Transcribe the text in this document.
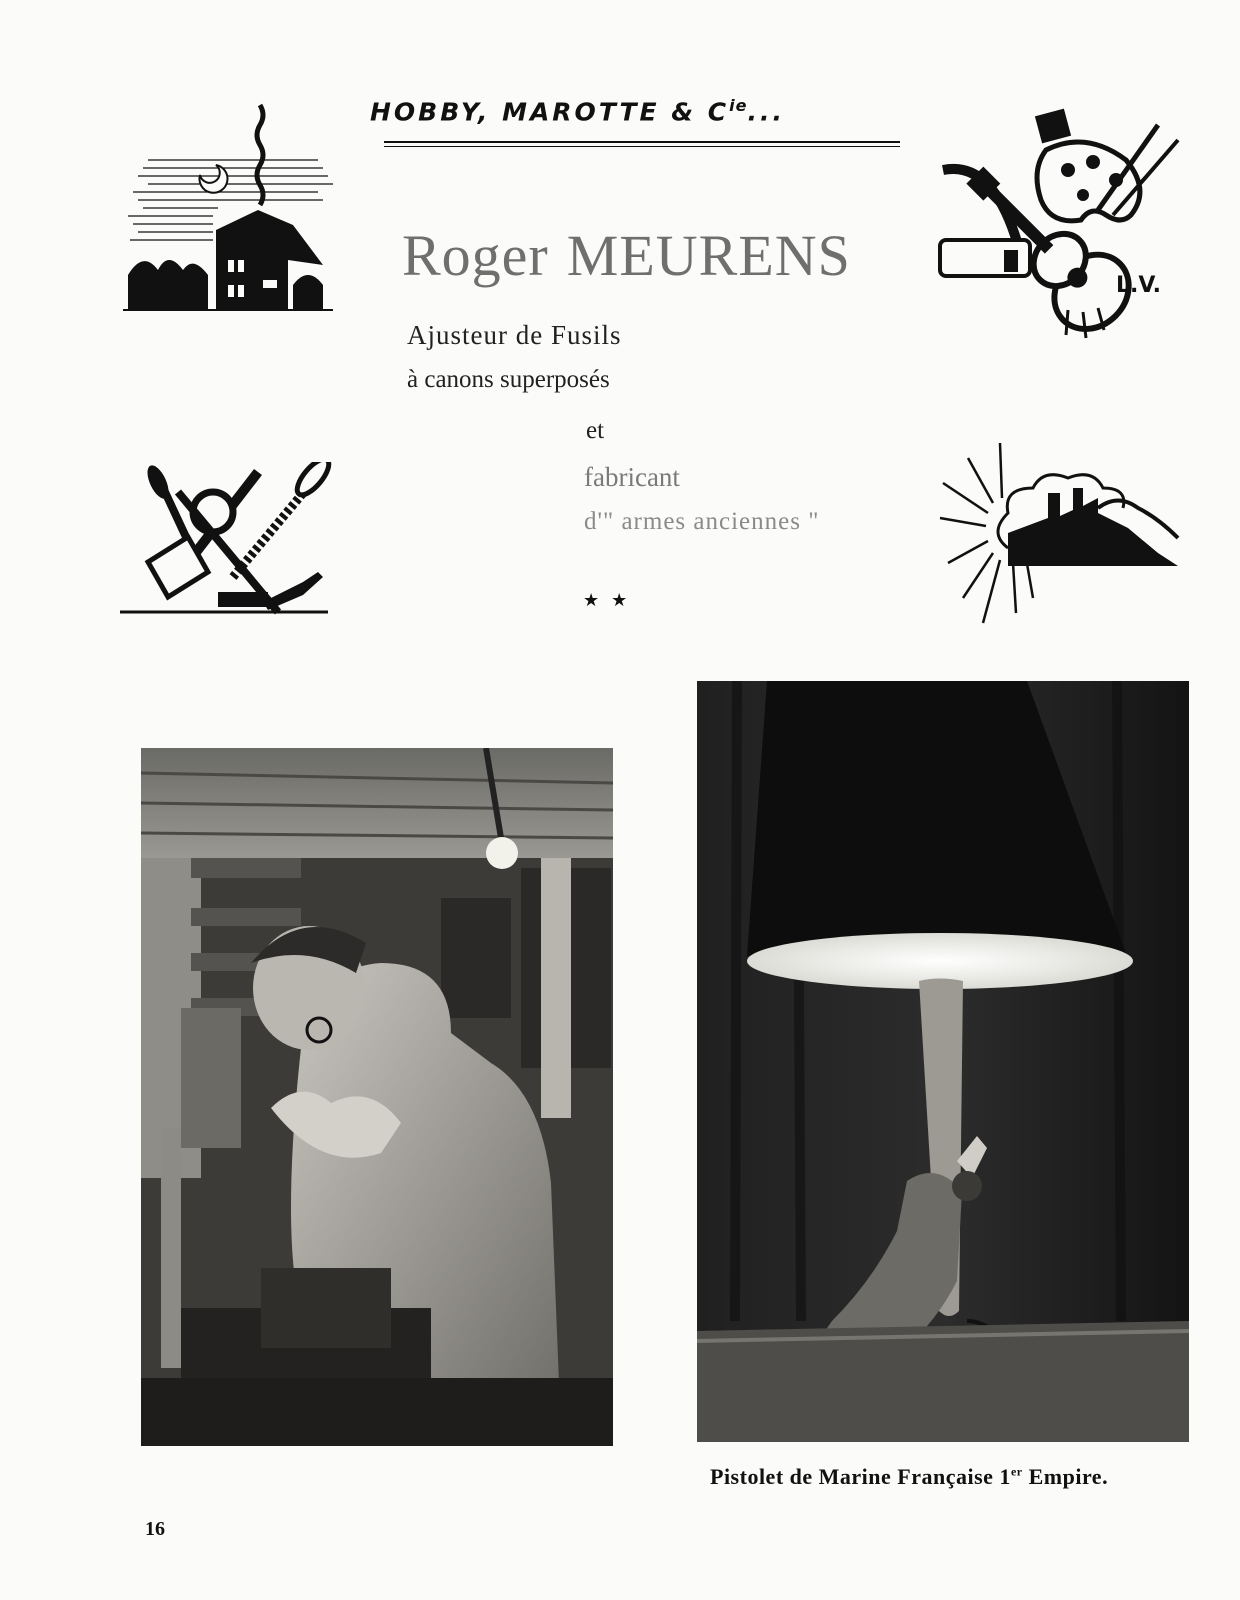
HOBBY, MAROTTE & $C^{ie}$...
Roger MEURENS
Ajusteur de Fusils
à canons superposés
et
fabricant
d'" armes anciennes "
★★
L.V.
Pistolet de Marine Française 1er Empire.
16
